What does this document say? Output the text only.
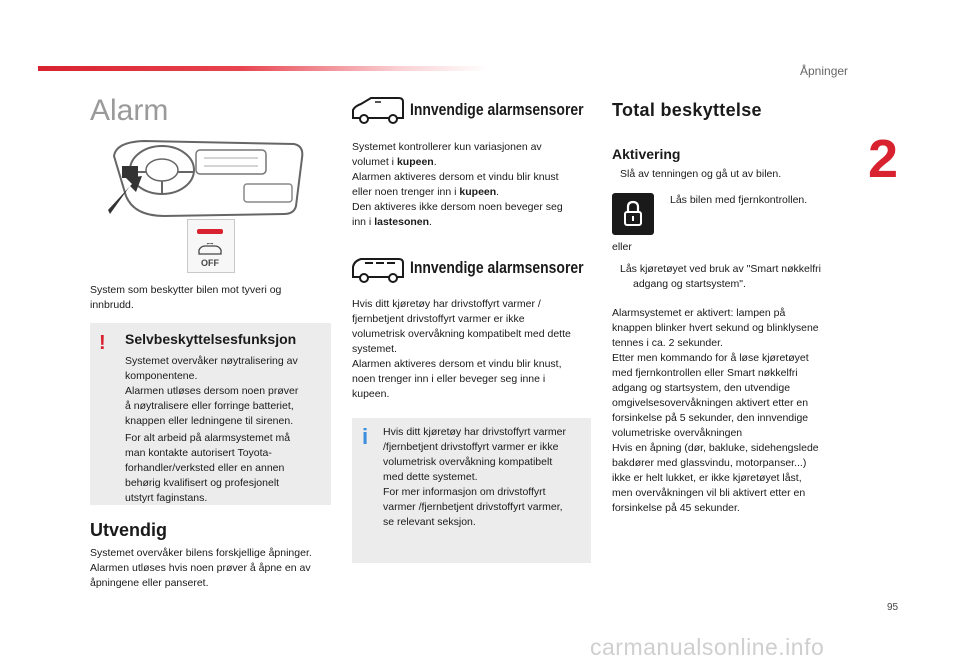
Åpninger
2
95
carmanualsonline.info
Alarm
OFF
System som beskytter bilen mot tyveri og
innbrudd.
! Selvbeskyttelsesfunksjon
Systemet overvåker nøytralisering av
komponentene.
Alarmen utløses dersom noen prøver
å nøytralisere eller forringe batteriet,
knappen eller ledningene til sirenen.
For alt arbeid på alarmsystemet må
man kontakte autorisert Toyota-
forhandler/verksted eller en annen
behørig kvalifisert og profesjonelt
utstyrt faginstans.
Utvendig
Systemet overvåker bilens forskjellige åpninger.
Alarmen utløses hvis noen prøver å åpne en av
åpningene eller panseret.
Innvendige alarmsensorer
Systemet kontrollerer kun variasjonen av
volumet i kupeen.
Alarmen aktiveres dersom et vindu blir knust
eller noen trenger inn i kupeen.
Den aktiveres ikke dersom noen beveger seg
inn i lastesonen.
Innvendige alarmsensorer
Hvis ditt kjøretøy har drivstoffyrt varmer /
fjernbetjent drivstoffyrt varmer er ikke
volumetrisk overvåkning kompatibelt med dette
systemet.
Alarmen aktiveres dersom et vindu blir knust,
noen trenger inn i eller beveger seg inne i
kupeen.
i Hvis ditt kjøretøy har drivstoffyrt varmer
/fjernbetjent drivstoffyrt varmer er ikke
volumetrisk overvåkning kompatibelt
med dette systemet.
For mer informasjon om drivstoffyrt
varmer /fjernbetjent drivstoffyrt varmer,
se relevant seksjon.
Total beskyttelse
Aktivering
Slå av tenningen og gå ut av bilen.
Lås bilen med fjernkontrollen.
eller
Lås kjøretøyet ved bruk av "Smart nøkkelfri
adgang og startsystem".
Alarmsystemet er aktivert: lampen på
knappen blinker hvert sekund og blinklysene
tennes i ca. 2 sekunder.
Etter men kommando for å løse kjøretøyet
med fjernkontrollen eller Smart nøkkelfri
adgang og startsystem, den utvendige
omgivelsesovervåkningen aktivert etter en
forsinkelse på 5 sekunder, den innvendige
volumetriske overvåkningen
Hvis en åpning (dør, bakluke, sidehengslede
bakdører med glassvindu, motorpanser...)
ikke er helt lukket, er ikke kjøretøyet låst,
men overvåkningen vil bli aktivert etter en
forsinkelse på 45 sekunder.
